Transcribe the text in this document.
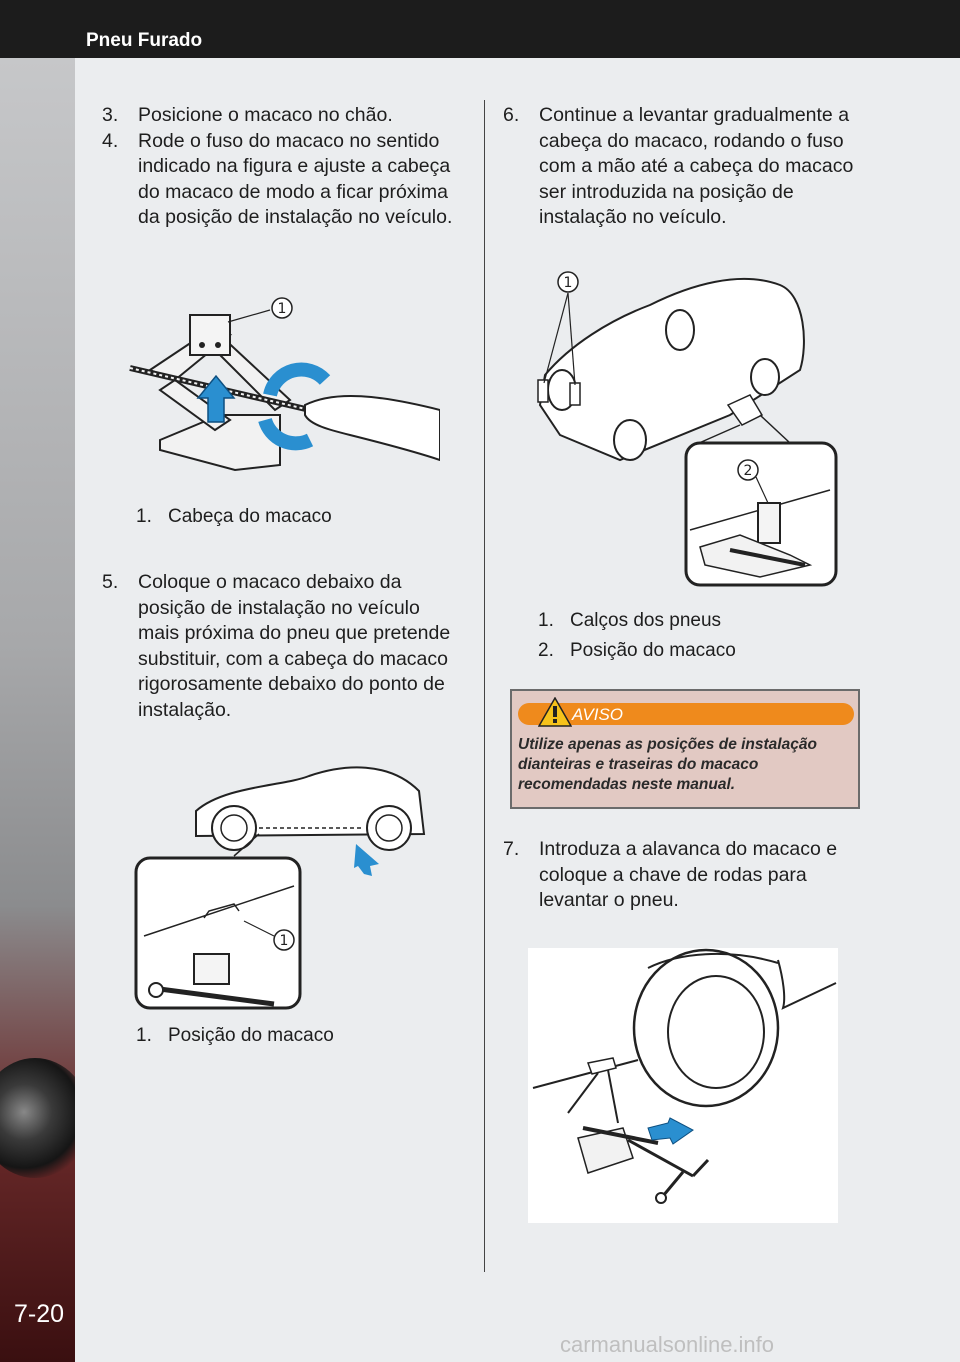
Pneu Furado
7-20
3. Posicione o macaco no chão.
4. Rode o fuso do macaco no sentido indicado na figura e ajuste a cabeça do macaco de modo a ficar próxima da posição de instalação no veículo.
1
1. Cabeça do macaco
5. Coloque o macaco debaixo da posição de instalação no veículo mais próxima do pneu que pretende substituir, com a cabeça do macaco rigorosamente debaixo do ponto de instalação.
1
1. Posição do macaco
6. Continue a levantar gradualmente a cabeça do macaco, rodando o fuso com a mão até a cabeça do macaco ser introduzida na posição de instalação no veículo.
1
2
1. Calços dos pneus
2. Posição do macaco
AVISO
Utilize apenas as posições de instalação dianteiras e traseiras do macaco recomendadas neste manual.
7. Introduza a alavanca do macaco e coloque a chave de rodas para levantar o pneu.
carmanualsonline.info
